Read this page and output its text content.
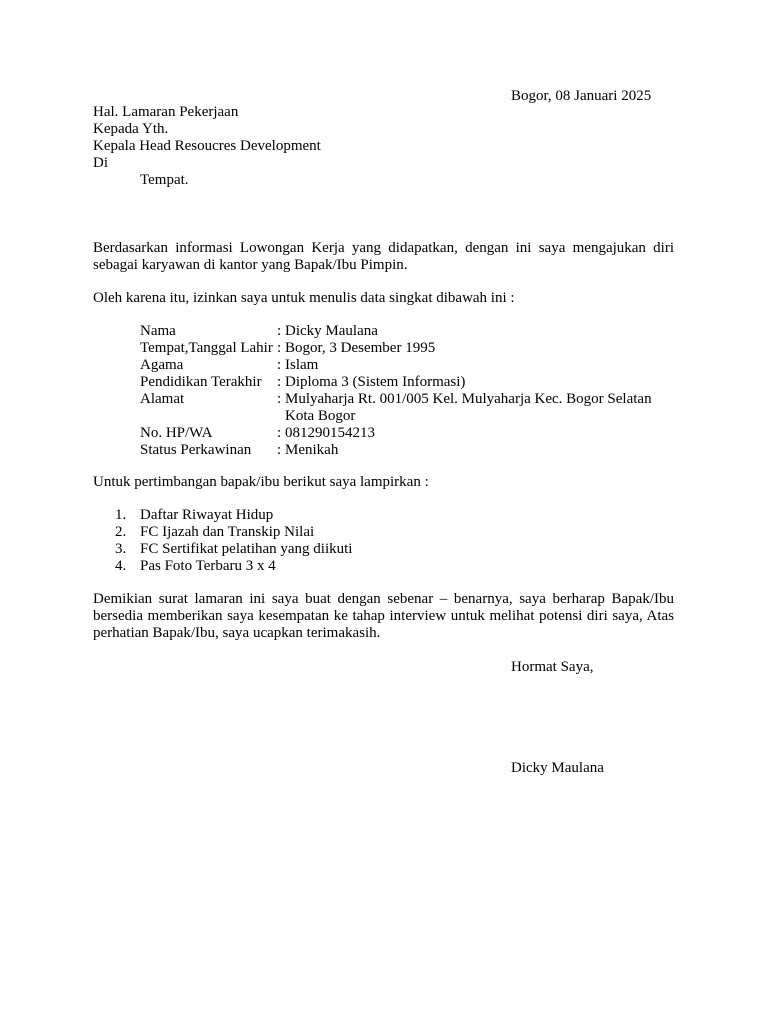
Bogor, 08 Januari 2025
Hal. Lamaran Pekerjaan
Kepada Yth.
Kepala Head Resoucres Development
Di
Tempat.
Berdasarkan informasi Lowongan Kerja yang didapatkan, dengan ini saya mengajukan diri sebagai karyawan di kantor yang Bapak/Ibu Pimpin.
Oleh karena itu, izinkan saya untuk menulis data singkat dibawah ini :
Nama	: Dicky Maulana
Tempat,Tanggal Lahir : Bogor, 3 Desember 1995
Agama	: Islam
Pendidikan Terakhir	: Diploma 3 (Sistem Informasi)
Alamat	: Mulyaharja Rt. 001/005 Kel. Mulyaharja Kec. Bogor Selatan Kota Bogor
No. HP/WA	: 081290154213
Status Perkawinan	: Menikah
Untuk pertimbangan bapak/ibu berikut saya lampirkan :
1. Daftar Riwayat Hidup
2. FC Ijazah dan Transkip Nilai
3. FC Sertifikat pelatihan yang diikuti
4. Pas Foto Terbaru 3 x 4
Demikian surat lamaran ini saya buat dengan sebenar – benarnya, saya berharap Bapak/Ibu bersedia memberikan saya kesempatan ke tahap interview untuk melihat potensi diri saya, Atas perhatian Bapak/Ibu, saya ucapkan terimakasih.
Hormat Saya,
Dicky Maulana
